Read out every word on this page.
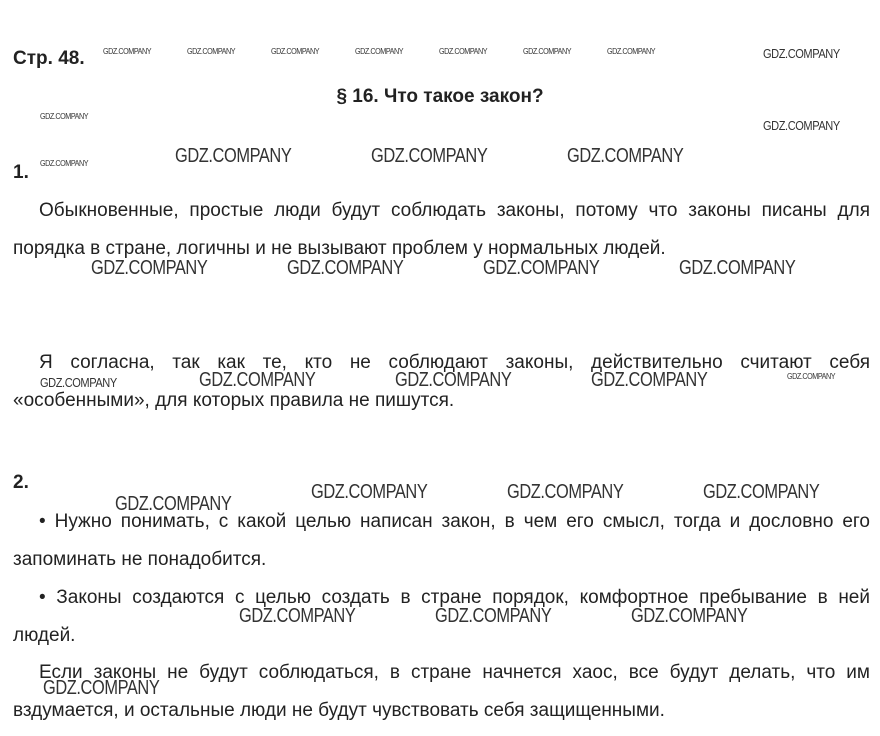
Стр. 48.
§ 16. Что такое закон?
1.

Обыкновенные, простые люди будут соблюдать законы, потому что законы писаны для порядка в стране, логичны и не вызывают проблем у нормальных людей.

Я согласна, так как те, кто не соблюдают законы, действительно считают себя «особенными», для которых правила не пишутся.

2.

• Нужно понимать, с какой целью написан закон, в чем его смысл, тогда и дословно его запоминать не понадобится.

• Законы создаются с целью создать в стране порядок, комфортное пребывание в ней людей.

Если законы не будут соблюдаться, в стране начнется хаос, все будут делать, что им вздумается, и остальные люди не будут чувствовать себя защищенными.

GDZ.COMPANY	GDZ.COMPANY	GDZ.COMPANY	GDZ.COMPANY	GDZ.COMPANY	GDZ.COMPANY	GDZ.COMPANY	GDZ.COMPANY
GDZ.COMPANY
GDZ.COMPANY
GDZ.COMPANY	GDZ.COMPANY	GDZ.COMPANY	GDZ.COMPANY
GDZ.COMPANY	GDZ.COMPANY	GDZ.COMPANY	GDZ.COMPANY
GDZ.COMPANY	GDZ.COMPANY	GDZ.COMPANY	GDZ.COMPANY	GDZ.COMPANY
GDZ.COMPANY
GDZ.COMPANY	GDZ.COMPANY	GDZ.COMPANY
GDZ.COMPANY	GDZ.COMPANY	GDZ.COMPANY
GDZ.COMPANY
